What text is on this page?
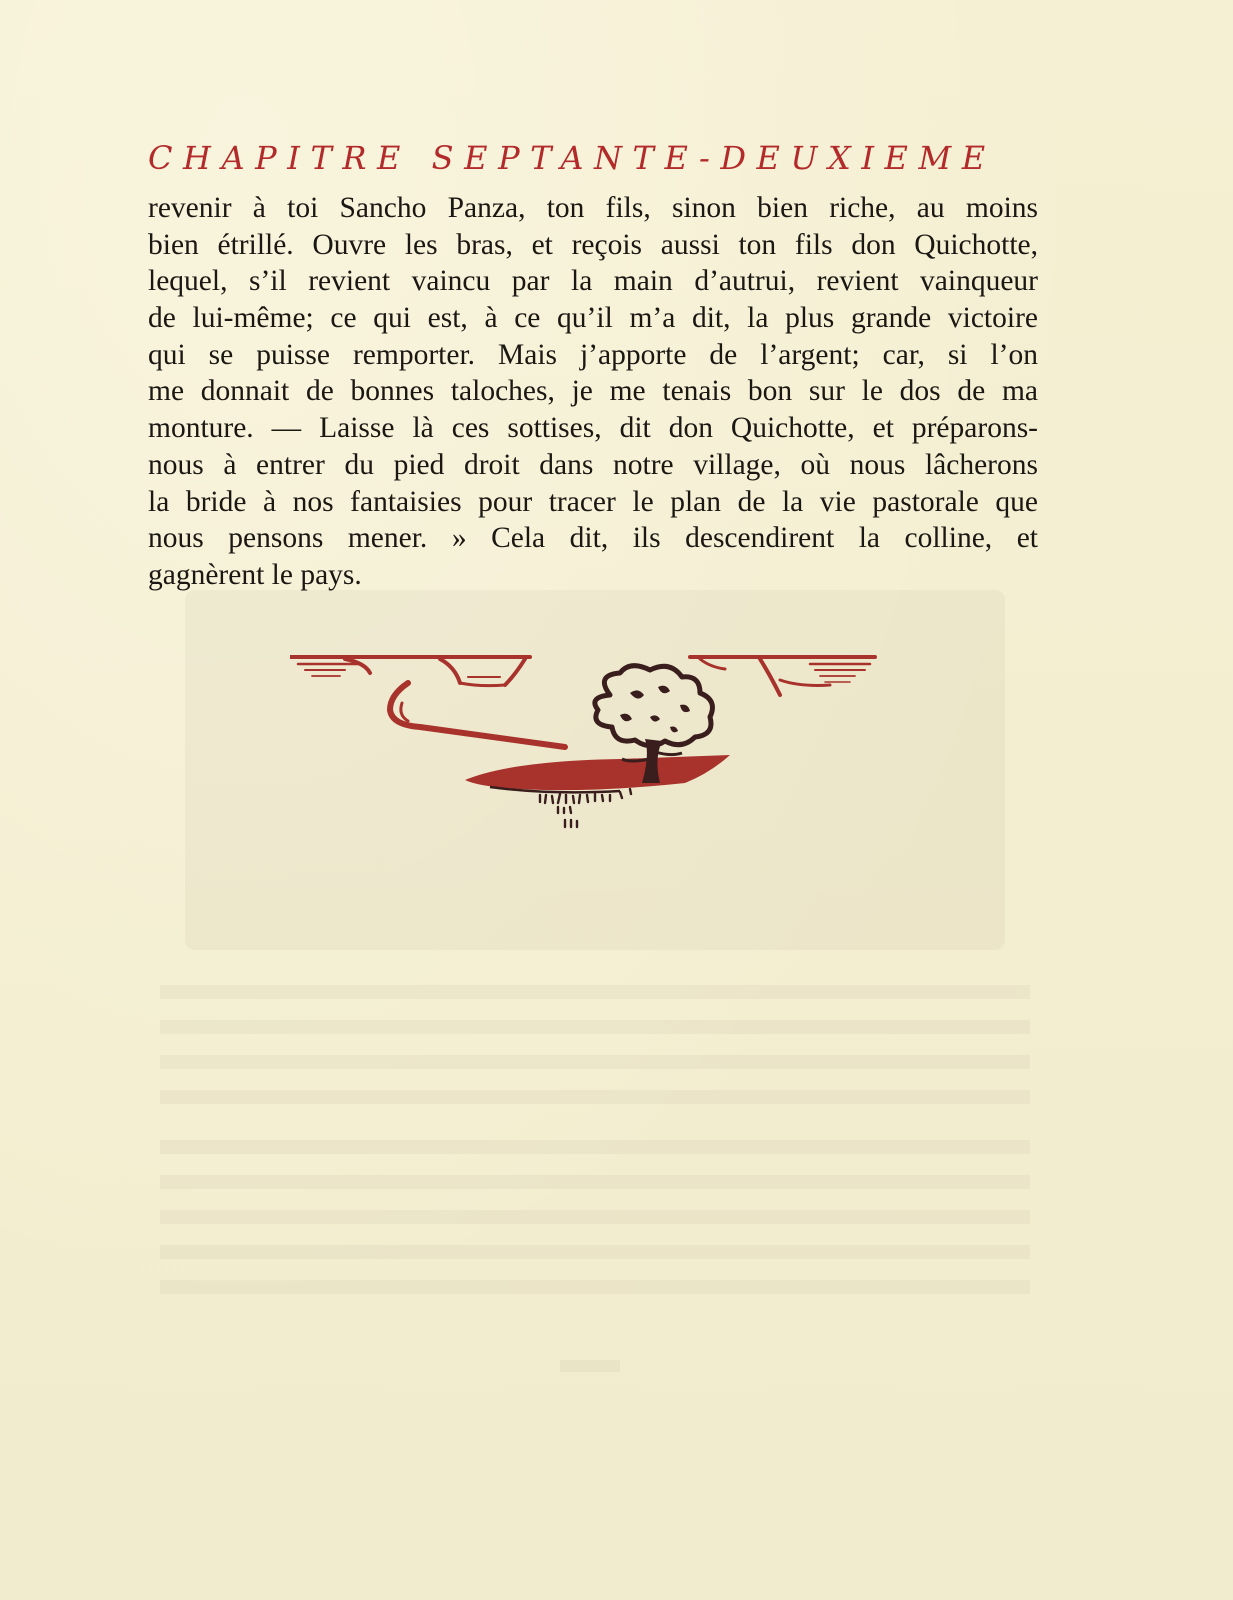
CHAPITRE SEPTANTE-DEUXIEME
revenir à toi Sancho Panza, ton fils, sinon bien riche, au moins
bien étrillé. Ouvre les bras, et reçois aussi ton fils don Quichotte,
lequel, s’il revient vaincu par la main d’autrui, revient vainqueur
de lui-même; ce qui est, à ce qu’il m’a dit, la plus grande victoire
qui se puisse remporter. Mais j’apporte de l’argent; car, si l’on
me donnait de bonnes taloches, je me tenais bon sur le dos de ma
monture. — Laisse là ces sottises, dit don Quichotte, et préparons-
nous à entrer du pied droit dans notre village, où nous lâcherons
la bride à nos fantaisies pour tracer le plan de la vie pastorale que
nous pensons mener. » Cela dit, ils descendirent la colline, et
gagnèrent le pays.
